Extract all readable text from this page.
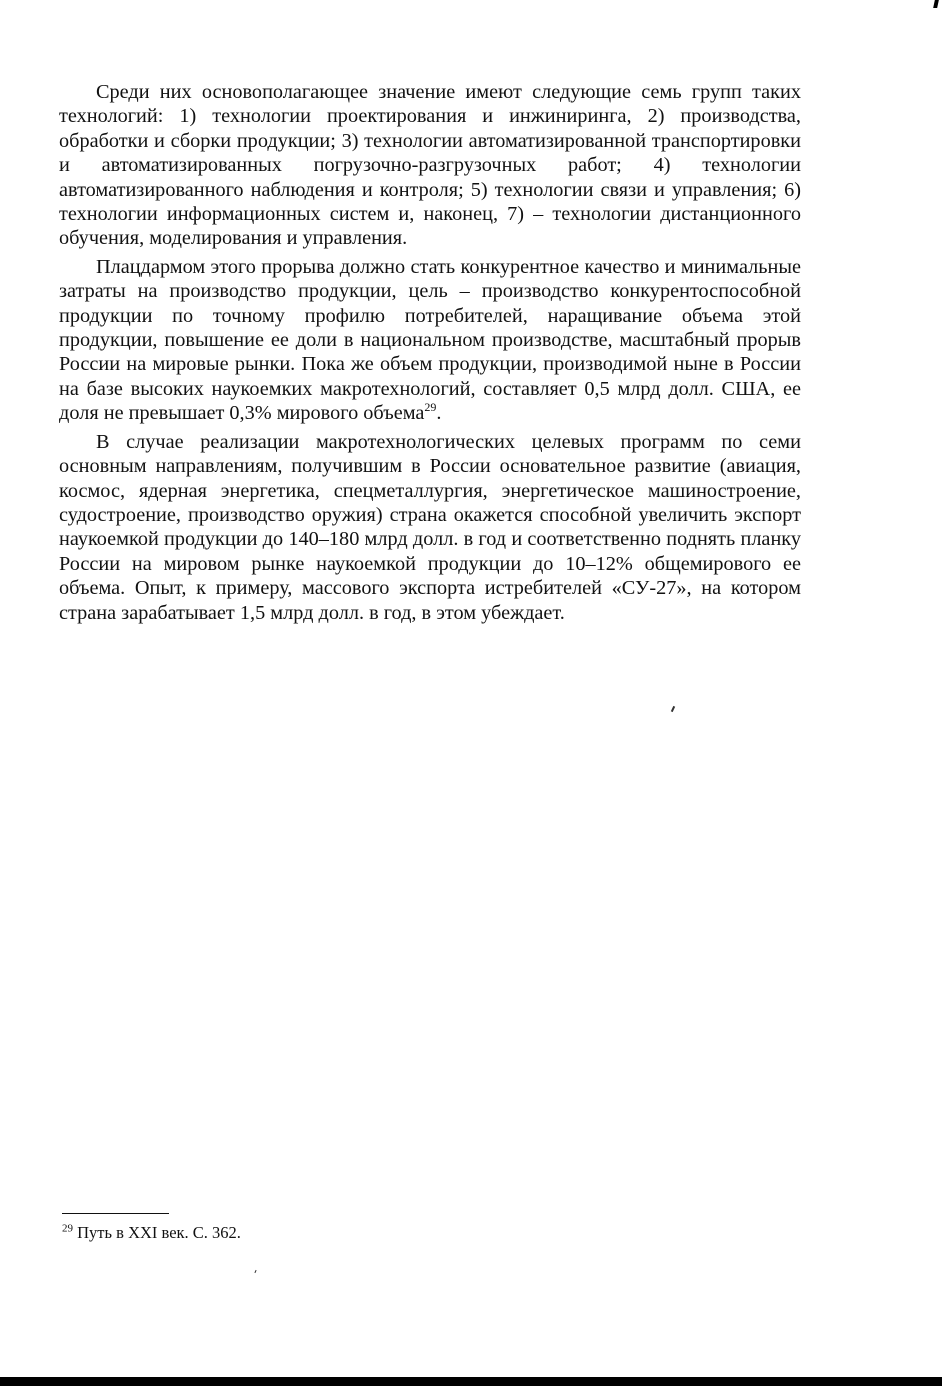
Среди них основополагающее значение имеют следующие семь групп таких технологий: 1) технологии проектирования и инжиниринга, 2) производства, обработки и сборки продукции; 3) технологии автоматизированной транспортировки и автоматизированных погрузочно-разгрузочных работ; 4) технологии автоматизированного наблюдения и контроля; 5) технологии связи и управления; 6) технологии информационных систем и, наконец, 7) – технологии дистанционного обучения, моделирования и управления.

Плацдармом этого прорыва должно стать конкурентное качество и минимальные затраты на производство продукции, цель – производство конкурентоспособной продукции по точному профилю потребителей, наращивание объема этой продукции, повышение ее доли в национальном производстве, масштабный прорыв России на мировые рынки. Пока же объем продукции, производимой ныне в России на базе высоких наукоемких макротехнологий, составляет 0,5 млрд долл. США, ее доля не превышает 0,3% мирового объема$^{29}$.

В случае реализации макротехнологических целевых программ по семи основным направлениям, получившим в России основательное развитие (авиация, космос, ядерная энергетика, спецметаллургия, энергетическое машиностроение, судостроение, производство оружия) страна окажется способной увеличить экспорт наукоемкой продукции до 140–180 млрд долл. в год и соответственно поднять планку России на мировом рынке наукоемкой продукции до 10–12% общемирового ее объема. Опыт, к примеру, массового экспорта истребителей «СУ-27», на котором страна зарабатывает 1,5 млрд долл. в год, в этом убеждает.

$^{29}$ Путь в XXI век. С. 362.
